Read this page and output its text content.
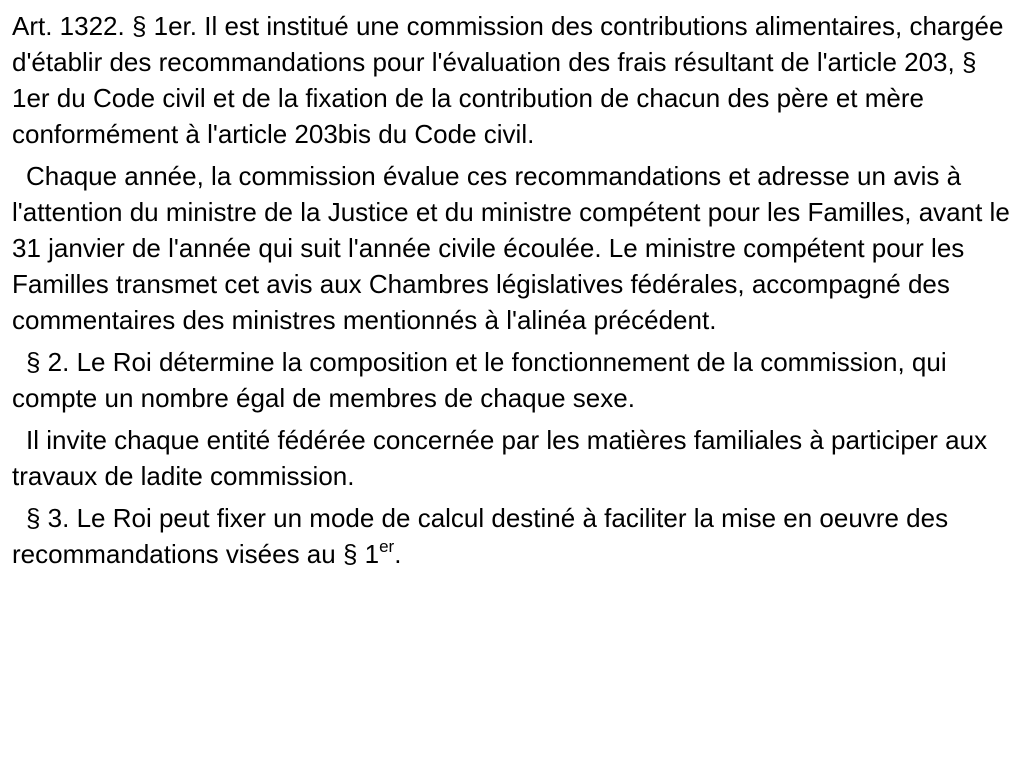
Art. 1322. § 1er. Il est institué une commission des contributions alimentaires, chargée d'établir des recommandations pour l'évaluation des frais résultant de l'article 203, § 1er du Code civil et de la fixation de la contribution de chacun des père et mère conformément à l'article 203bis du Code civil.

Chaque année, la commission évalue ces recommandations et adresse un avis à l'attention du ministre de la Justice et du ministre compétent pour les Familles, avant le 31 janvier de l'année qui suit l'année civile écoulée. Le ministre compétent pour les Familles transmet cet avis aux Chambres législatives fédérales, accompagné des commentaires des ministres mentionnés à l'alinéa précédent.

§ 2. Le Roi détermine la composition et le fonctionnement de la commission, qui compte un nombre égal de membres de chaque sexe.

Il invite chaque entité fédérée concernée par les matières familiales à participer aux travaux de ladite commission.

§ 3. Le Roi peut fixer un mode de calcul destiné à faciliter la mise en oeuvre des recommandations visées au § 1er.
